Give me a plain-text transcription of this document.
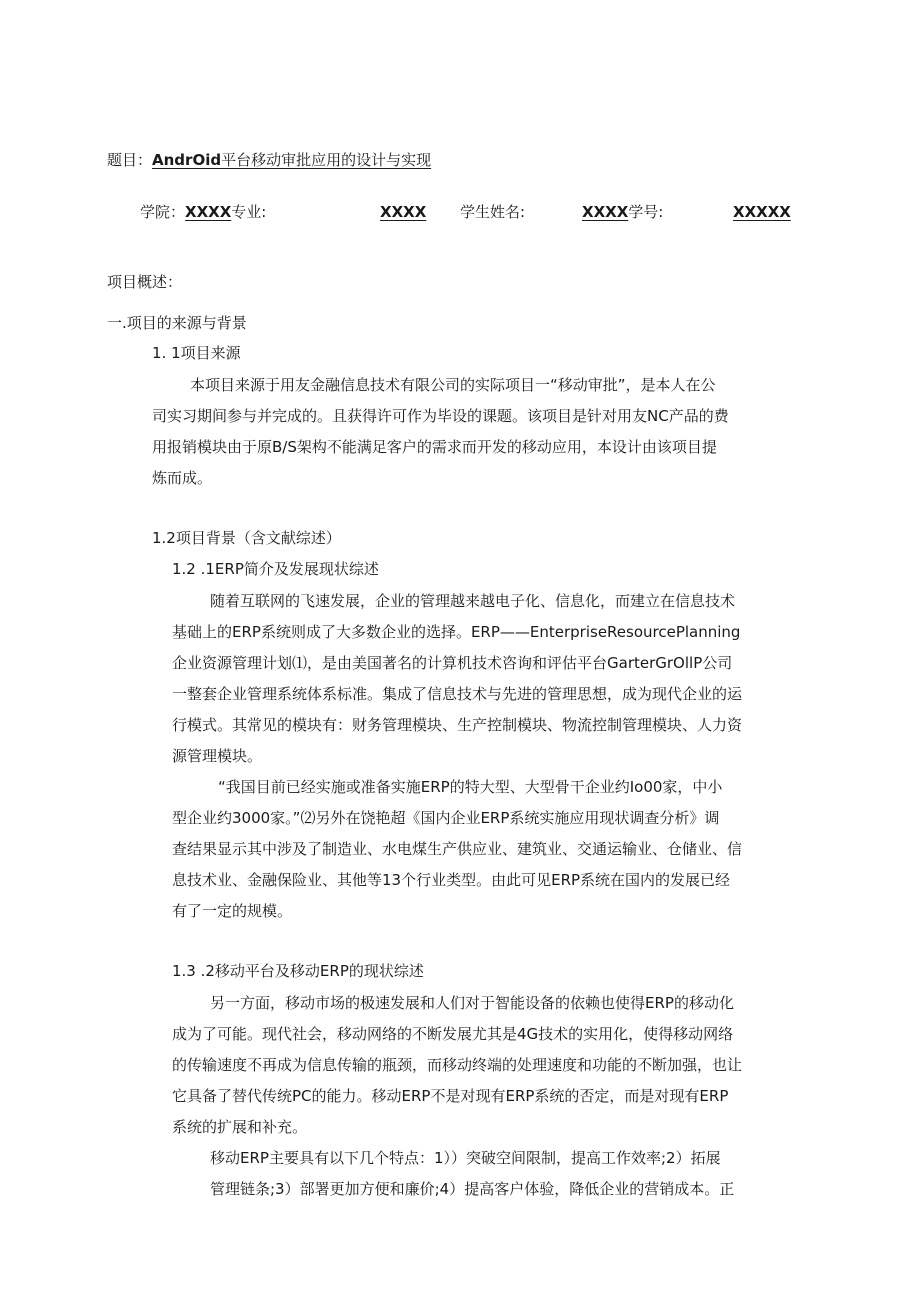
题目：AndrOid平台移动审批应用的设计与实现
学院：XXXX专业:	XXXX	学生姓名:	XXXX学号:	XXXXX
项目概述：
一.项目的来源与背景
1. 1项目来源
本项目来源于用友金融信息技术有限公司的实际项目一“移动审批”，是本人在公
司实习期间参与并完成的。且获得许可作为毕设的课题。该项目是针对用友NC产品的费
用报销模块由于原B/S架构不能满足客户的需求而开发的移动应用，本设计由该项目提
炼而成。
1.2项目背景（含文献综述）
1.2 .1ERP简介及发展现状综述
随着互联网的飞速发展，企业的管理越来越电子化、信息化，而建立在信息技术
基础上的ERP系统则成了大多数企业的选择。ERP——EnterpriseResourcePlanning
企业资源管理计划⑴，是由美国著名的计算机技术咨询和评估平台GarterGrOllP公司
一整套企业管理系统体系标准。集成了信息技术与先进的管理思想，成为现代企业的运
行模式。其常见的模块有：财务管理模块、生产控制模块、物流控制管理模块、人力资
源管理模块。
“我国目前已经实施或准备实施ERP的特大型、大型骨干企业约Io00家，中小
型企业约3000家。”⑵另外在饶艳超《国内企业ERP系统实施应用现状调查分析》调
查结果显示其中涉及了制造业、水电煤生产供应业、建筑业、交通运输业、仓储业、信
息技术业、金融保险业、其他等13个行业类型。由此可见ERP系统在国内的发展已经
有了一定的规模。
1.3 .2移动平台及移动ERP的现状综述
另一方面，移动市场的极速发展和人们对于智能设备的依赖也使得ERP的移动化
成为了可能。现代社会，移动网络的不断发展尤其是4G技术的实用化，使得移动网络
的传输速度不再成为信息传输的瓶颈，而移动终端的处理速度和功能的不断加强，也让
它具备了替代传统PC的能力。移动ERP不是对现有ERP系统的否定，而是对现有ERP
系统的扩展和补充。
移动ERP主要具有以下几个特点：1））突破空间限制，提高工作效率;2）拓展
管理链条;3）部署更加方便和廉价;4）提高客户体验，降低企业的营销成本。正
